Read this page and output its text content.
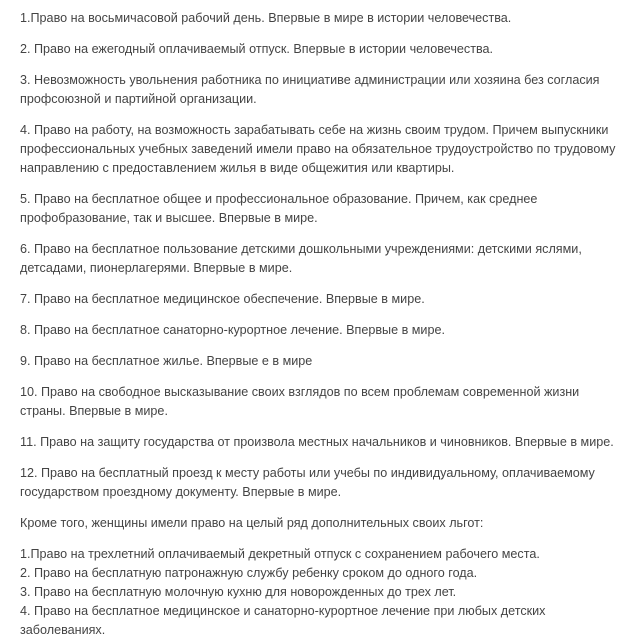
1.Право на восьмичасовой рабочий день. Впервые в мире в истории человечества.

2. Право на ежегодный оплачиваемый отпуск. Впервые в истории человечества.

3. Невозможность увольнения работника по инициативе администрации или хозяина без согласия профсоюзной и партийной организации.

4. Право на работу, на возможность зарабатывать себе на жизнь своим трудом. Причем выпускники профессиональных учебных заведений имели право на обязательное трудоустройство по трудовому направлению с предоставлением жилья в виде общежития или квартиры.

5. Право на бесплатное общее и профессиональное образование. Причем, как среднее профобразование, так и высшее. Впервые в мире.

6. Право на бесплатное пользование детскими дошкольными учреждениями: детскими яслями, детсадами, пионерлагерями. Впервые в мире.

7. Право на бесплатное медицинское обеспечение. Впервые в мире.

8. Право на бесплатное санаторно-курортное лечение. Впервые в мире.

9. Право на бесплатное жилье. Впервые е в мире

10. Право на свободное высказывание своих взглядов по всем проблемам современной жизни страны. Впервые в мире.

11. Право на защиту государства от произвола местных начальников и чиновников. Впервые в мире.

12. Право на бесплатный проезд к месту работы или учебы по индивидуальному, оплачиваемому государством проездному документу. Впервые в мире.

Кроме того, женщины имели право на целый ряд дополнительных своих льгот:

1.Право на трехлетний оплачиваемый декретный отпуск с сохранением рабочего места.
2. Право на бесплатную патронажную службу ребенку сроком до одного года.
3. Право на бесплатную молочную кухню для новорожденных до трех лет.
4. Право на бесплатное медицинское и санаторно-курортное лечение при любых детских заболеваниях.
